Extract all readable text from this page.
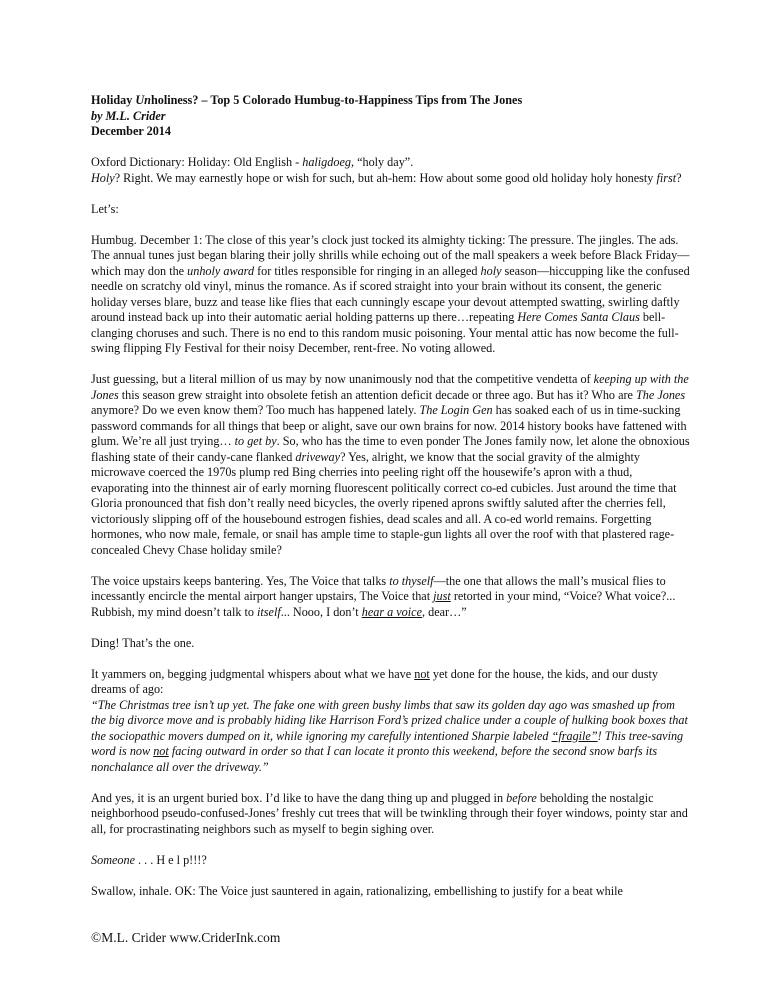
Holiday Unholiness? – Top 5 Colorado Humbug-to-Happiness Tips from The Jones
by M.L. Crider
December 2014

Oxford Dictionary: Holiday: Old English - haligdoeg, “holy day”.
Holy? Right. We may earnestly hope or wish for such, but ah-hem: How about some good old holiday holy honesty first?

Let’s:

Humbug. December 1: The close of this year’s clock just tocked its almighty ticking: The pressure. The jingles. The ads. The annual tunes just began blaring their jolly shrills while echoing out of the mall speakers a week before Black Friday—which may don the unholy award for titles responsible for ringing in an alleged holy season—hiccupping like the confused needle on scratchy old vinyl, minus the romance. As if scored straight into your brain without its consent, the generic holiday verses blare, buzz and tease like flies that each cunningly escape your devout attempted swatting, swirling daftly around instead back up into their automatic aerial holding patterns up there…repeating Here Comes Santa Claus bell-clanging choruses and such. There is no end to this random music poisoning. Your mental attic has now become the full-swing flipping Fly Festival for their noisy December, rent-free. No voting allowed.

Just guessing, but a literal million of us may by now unanimously nod that the competitive vendetta of keeping up with the Jones this season grew straight into obsolete fetish an attention deficit decade or three ago. But has it? Who are The Jones anymore? Do we even know them? Too much has happened lately. The Login Gen has soaked each of us in time-sucking password commands for all things that beep or alight, save our own brains for now. 2014 history books have fattened with glum. We’re all just trying… to get by. So, who has the time to even ponder The Jones family now, let alone the obnoxious flashing state of their candy-cane flanked driveway? Yes, alright, we know that the social gravity of the almighty microwave coerced the 1970s plump red Bing cherries into peeling right off the housewife’s apron with a thud, evaporating into the thinnest air of early morning fluorescent politically correct co-ed cubicles. Just around the time that Gloria pronounced that fish don’t really need bicycles, the overly ripened aprons swiftly saluted after the cherries fell, victoriously slipping off of the housebound estrogen fishies, dead scales and all. A co-ed world remains. Forgetting hormones, who now male, female, or snail has ample time to staple-gun lights all over the roof with that plastered rage-concealed Chevy Chase holiday smile?

The voice upstairs keeps bantering. Yes, The Voice that talks to thyself—the one that allows the mall’s musical flies to incessantly encircle the mental airport hanger upstairs, The Voice that just retorted in your mind, “Voice? What voice?... Rubbish, my mind doesn’t talk to itself... Nooo, I don’t hear a voice, dear…”

Ding! That’s the one.

It yammers on, begging judgmental whispers about what we have not yet done for the house, the kids, and our dusty dreams of ago:
“The Christmas tree isn’t up yet. The fake one with green bushy limbs that saw its golden day ago was smashed up from the big divorce move and is probably hiding like Harrison Ford’s prized chalice under a couple of hulking book boxes that the sociopathic movers dumped on it, while ignoring my carefully intentioned Sharpie labeled “fragile”! This tree-saving word is now not facing outward in order so that I can locate it pronto this weekend, before the second snow barfs its nonchalance all over the driveway.”

And yes, it is an urgent buried box. I’d like to have the dang thing up and plugged in before beholding the nostalgic neighborhood pseudo-confused-Jones’ freshly cut trees that will be twinkling through their foyer windows, pointy star and all, for procrastinating neighbors such as myself to begin sighing over.

Someone . . . H e l p!!!?

Swallow, inhale. OK: The Voice just sauntered in again, rationalizing, embellishing to justify for a beat while

©M.L. Crider www.CriderInk.com
